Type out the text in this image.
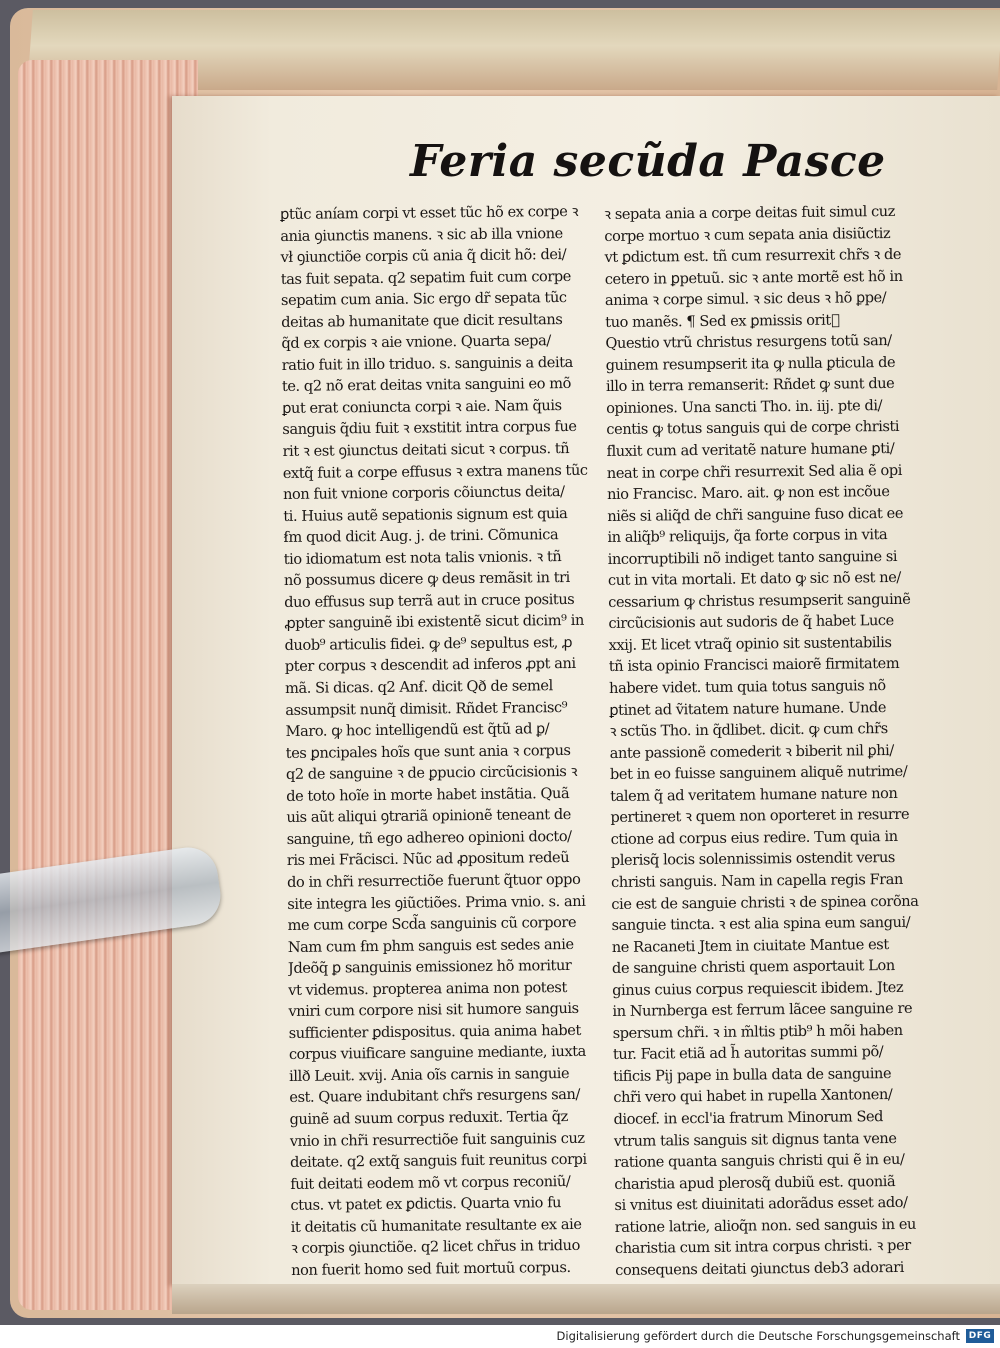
Feria secũda Pasce
ꝑtũc aníam corpi vt esset tũc hõ ex corpe ꝛ
ania ꝯiunctis manens. ꝛ sic ab illa vnione
vł ꝯiunctiõe corpis cũ ania q̃ dicit hõ: dei/
tas fuit sepata. q2 sepatim fuit cum corpe
sepatim cum ania. Sic ergo dr̃ sepata tũc
deitas ab humanitate que dicit resultans
q̃d ex corpis ꝛ aie vnione. Quarta sepa/
ratio fuit in illo triduo. s. sanguinis a deita
te. q2 nõ erat deitas vnita sanguini eo mõ
ꝑut erat coniuncta corpi ꝛ aie. Nam q̃uis
sanguis q̃diu fuit ꝛ exstitit intra corpus fue
rit ꝛ est ꝯiunctus deitati sicut ꝛ corpus. tñ
extq̃ fuit a corpe effusus ꝛ extra manens tũc
non fuit vnione corporis cõiunctus deita/
ti. Huius autẽ sepationis signum est quia
ẜm quod dicit Aug. j. de trini. Cõmunica
tio idiomatum est nota talis vnionis. ꝛ tñ
nõ possumus dicere ꝙ deus remãsit in tri
duo effusus sup terrã aut in cruce positus
ꝓpter sanguinẽ ibi existentẽ sicut dicim⁹ in
duob⁹ articulis fidei. ꝙ de⁹ sepultus est, ꝓ
pter corpus ꝛ descendit ad inferos ꝓpt ani
mã. Si dicas. q2 Anẜ. dicit Qð de semel
assumpsit nunq̃ dimisit. Rñdet Francisc⁹
Maro. ꝙ hoc intelligendũ est q̃tũ ad ꝑ/
tes ꝑncipales hoĩs que sunt ania ꝛ corpus
q2 de sanguine ꝛ de ꝑpucio circũcisionis ꝛ
de toto hoĩe in morte habet instãtia. Quã
uis aũt aliqui ꝯtrariã opinionẽ teneant de
sanguine, tñ ego adhereo opinioni docto/
ris mei Frãcisci. Nũc ad ꝓpositum redeũ
do in chr̃i resurrectiõe fuerunt q̃tuor oppo
site integra les ꝯiũctiões. Prima vnio. s. ani
me cum corpe Scd̃a sanguinis cũ corpore
Nam cum ẜm phm sanguis est sedes anie
Jdeõq̃ ꝑ sanguinis emissionez hõ moritur
vt videmus. propterea anima non potest
vniri cum corpore nisi sit humore sanguis
sufficienter ꝑdispositus. quia anima habet
corpus viuificare sanguine mediante, iuxta
illð Leuit. xvij. Ania oĩs carnis in sanguie
est. Quare indubitant chr̃s resurgens san/
guinẽ ad suum corpus reduxit. Tertia q̃z
vnio in chr̃i resurrectiõe fuit sanguinis cuz
deitate. q2 extq̃ sanguis fuit reunitus corpi
fuit deitati eodem mõ vt corpus reconiũ/
ctus. vt patet ex ꝑdictis. Quarta vnio fu
it deitatis cũ humanitate resultante ex aie
ꝛ corpis ꝯiunctiõe. q2 licet chr̃us in triduo
non fuerit homo sed fuit mortuũ corpus.
ꝛ sepata ania a corpe deitas fuit simul cuz
corpe mortuo ꝛ cum sepata ania disiũctiz
vt ꝑdictum est. tñ cum resurrexit chr̃s ꝛ de
cetero in ꝑpetuũ. sic ꝛ ante mortẽ est hõ in
anima ꝛ corpe simul. ꝛ sic deus ꝛ hõ ꝑpe/
tuo manẽs. ¶ Sed ex ꝑmissis oritᷣ
Questio vtrũ christus resurgens totũ san/
guinem resumpserit ita ꝙ nulla ꝑticula de
illo in terra remanserit: Rñdet ꝙ sunt due
opiniones. Una sancti Tho. in. iij. pte di/
centis ꝙ totus sanguis qui de corpe christi
fluxit cum ad veritatẽ nature humane ꝑti/
neat in corpe chr̃i resurrexit Sed alia ẽ opi
nio Francisc. Maro. ait. ꝙ non est incõue
niẽs si aliq̃d de chr̃i sanguine fuso dicat ee
in aliq̃b⁹ reliquijs, q̃a forte corpus in vita
incorruptibili nõ indiget tanto sanguine si
cut in vita mortali. Et dato ꝙ sic nõ est ne/
cessarium ꝙ christus resumpserit sanguinẽ
circũcisionis aut sudoris de q̃ habet Luce
xxij. Et licet vtraq̃ opinio sit sustentabilis
tñ ista opinio Francisci maiorẽ firmitatem
habere videt. tum quia totus sanguis nõ
ꝑtinet ad ṽitatem nature humane. Unde
ꝛ sctũs Tho. in q̃dlibet. dicit. ꝙ cum chr̃s
ante passionẽ comederit ꝛ biberit nil ꝑhi/
bet in eo fuisse sanguinem aliquẽ nutrime/
talem q̃ ad veritatem humane nature non
pertineret ꝛ quem non oporteret in resurre
ctione ad corpus eius redire. Tum quia in
plerisq̃ locis solennissimis ostendit verus
christi sanguis. Nam in capella regis Fran
cie est de sanguie christi ꝛ de spinea corõna
sanguie tincta. ꝛ est alia spina eum sangui/
ne Racaneti Jtem in ciuitate Mantue est
de sanguine christi quem asportauit Lon
ginus cuius corpus requiescit ibidem. Jtez
in Nurnberga est ferrum lãcee sanguine re
spersum chr̃i. ꝛ in m̃ltis ptib⁹ h mõi haben
tur. Facit etiã ad h̃ autoritas summi põ/
tificis Pij pape in bulla data de sanguine
chr̃i vero qui habet in rupella Xantonen/
diocef. in eccl'ia fratrum Minorum Sed
vtrum talis sanguis sit dignus tanta vene
ratione quanta sanguis christi qui ẽ in eu/
charistia apud plerosq̃ dubiũ est. quoniã
si vnitus est diuinitati adorãdus esset ado/
ratione latrie, alioq̃n non. sed sanguis in eu
charistia cum sit intra corpus christi. ꝛ per
consequens deitati ꝯiunctus deb3 adorari
Digitalisierung gefördert durch die Deutsche Forschungsgemeinschaft DFG
